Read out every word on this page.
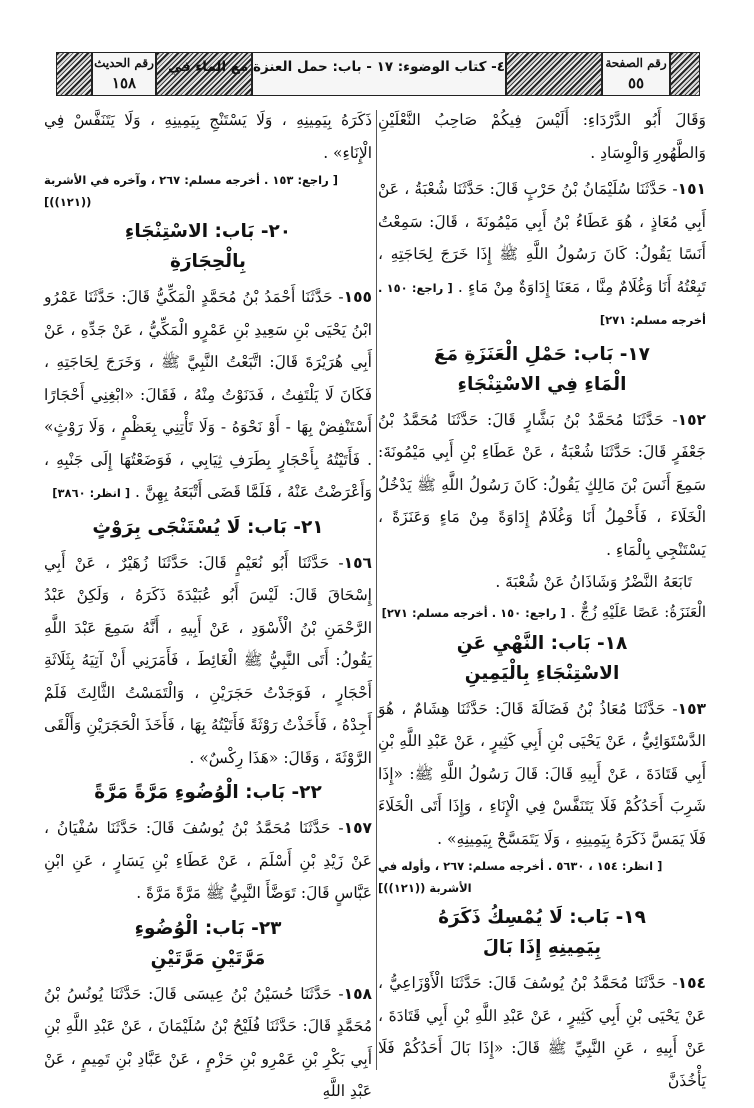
رقم الحديث
١٥٨
٤- كتاب الوضوء: ١٧ - باب: حمل العنزة مع الماء في	رقم الصفحة
٥٥

وَقَالَ أَبُو الدَّرْدَاءِ: أَلَيْسَ فِيكُمْ صَاحِبُ النَّعْلَيْنِ وَالطَّهُورِ وَالْوِسَادِ .

١٥١- حَدَّثَنَا سُلَيْمَانُ بْنُ حَرْبٍ قَالَ: حَدَّثَنَا شُعْبَةُ ، عَنْ أَبِي مُعَاذٍ ، هُوَ عَطَاءُ بْنُ أَبِي مَيْمُونَةَ ، قَالَ: سَمِعْتُ أَنَسًا يَقُولُ: كَانَ رَسُولُ اللَّهِ ﷺ إِذَا خَرَجَ لِحَاجَتِهِ ، تَبِعْتُهُ أَنَا وَغُلَامٌ مِنَّا ، مَعَنَا إِدَاوَةٌ مِنْ مَاءٍ . [ راجع: ١٥٠ . أخرجه مسلم: ٢٧١]

١٧- بَاب: حَمْلِ الْعَنَزَةِ مَعَ
الْمَاءِ فِي الاسْتِنْجَاءِ

١٥٢- حَدَّثَنَا مُحَمَّدُ بْنُ بَشَّارٍ قَالَ: حَدَّثَنَا مُحَمَّدُ بْنُ جَعْفَرٍ قَالَ: حَدَّثَنَا شُعْبَةُ ، عَنْ عَطَاءِ بْنِ أَبِي مَيْمُونَةَ: سَمِعَ أَنَسَ بْنَ مَالِكٍ يَقُولُ: كَانَ رَسُولُ اللَّهِ ﷺ يَدْخُلُ الْخَلَاءَ ، فَأَحْمِلُ أَنَا وَغُلَامٌ إِدَاوَةً مِنْ مَاءٍ وَعَنَزَةً ، يَسْتَنْجِي بِالْمَاءِ .

تَابَعَهُ النَّضْرُ وَشَاذَانُ عَنْ شُعْبَةَ .

الْعَنَزَةُ: عَصًا عَلَيْهِ زُجٌّ . [ راجع: ١٥٠ . أخرجه مسلم: ٢٧١]

١٨- بَاب: النَّهْيِ عَنِ
الاسْتِنْجَاءِ بِالْيَمِينِ

١٥٣- حَدَّثَنَا مُعَاذُ بْنُ فَضَالَةَ قَالَ: حَدَّثَنَا هِشَامٌ ، هُوَ الدَّسْتَوَائِيُّ ، عَنْ يَحْيَى بْنِ أَبِي كَثِيرٍ ، عَنْ عَبْدِ اللَّهِ بْنِ أَبِي قَتَادَةَ ، عَنْ أَبِيهِ قَالَ: قَالَ رَسُولُ اللَّهِ ﷺ: «إِذَا شَرِبَ أَحَدُكُمْ فَلَا يَتَنَفَّسْ فِي الْإِنَاءِ ، وَإِذَا أَتَى الْخَلَاءَ فَلَا يَمَسَّ ذَكَرَهُ بِيَمِينِهِ ، وَلَا يَتَمَسَّحْ بِيَمِينِهِ» .

[ انظر: ١٥٤ ، ٥٦٣٠ . أخرجه مسلم: ٢٦٧ ، وأوله في الأشربة ((١٢١))]

١٩- بَاب: لَا يُمْسِكُ ذَكَرَهُ
بِيَمِينِهِ إِذَا بَالَ

١٥٤- حَدَّثَنَا مُحَمَّدُ بْنُ يُوسُفَ قَالَ: حَدَّثَنَا الْأَوْزَاعِيُّ ، عَنْ يَحْيَى بْنِ أَبِي كَثِيرٍ ، عَنْ عَبْدِ اللَّهِ بْنِ أَبِي قَتَادَةَ ، عَنْ أَبِيهِ ، عَنِ النَّبِيِّ ﷺ قَالَ: «إِذَا بَالَ أَحَدُكُمْ فَلَا يَأْخُذَنَّ

ذَكَرَهُ بِيَمِينِهِ ، وَلَا يَسْتَنْجِ بِيَمِينِهِ ، وَلَا يَتَنَفَّسْ فِي الْإِنَاءِ» .

[ راجع: ١٥٣ . أخرجه مسلم: ٢٦٧ ، وآخره في الأشربة ((١٢١))]

٢٠- بَاب: الاسْتِنْجَاءِ
بِالْحِجَارَةِ

١٥٥- حَدَّثَنَا أَحْمَدُ بْنُ مُحَمَّدٍ الْمَكِّيُّ قَالَ: حَدَّثَنَا عَمْرُو ابْنُ يَحْيَى بْنِ سَعِيدِ بْنِ عَمْرٍو الْمَكِّيُّ ، عَنْ جَدِّهِ ، عَنْ أَبِي هُرَيْرَةَ قَالَ: اتَّبَعْتُ النَّبِيَّ ﷺ ، وَخَرَجَ لِحَاجَتِهِ ، فَكَانَ لَا يَلْتَفِتُ ، فَدَنَوْتُ مِنْهُ ، فَقَالَ: «ابْغِنِي أَحْجَارًا أَسْتَنْفِضْ بِهَا - أَوْ نَحْوَهُ - وَلَا تَأْتِنِي بِعَظْمٍ ، وَلَا رَوْثٍ» . فَأَتَيْتُهُ بِأَحْجَارٍ بِطَرَفِ ثِيَابِي ، فَوَضَعْتُهَا إِلَى جَنْبِهِ ، وَأَعْرَضْتُ عَنْهُ ، فَلَمَّا قَضَى أَتْبَعَهُ بِهِنَّ . [ انظر: ٣٨٦٠]

٢١- بَاب: لَا يُسْتَنْجَى بِرَوْثٍ

١٥٦- حَدَّثَنَا أَبُو نُعَيْمٍ قَالَ: حَدَّثَنَا زُهَيْرٌ ، عَنْ أَبِي إِسْحَاقَ قَالَ: لَيْسَ أَبُو عُبَيْدَةَ ذَكَرَهُ ، وَلَكِنْ عَبْدُ الرَّحْمَنِ بْنُ الْأَسْوَدِ ، عَنْ أَبِيهِ ، أَنَّهُ سَمِعَ عَبْدَ اللَّهِ يَقُولُ: أَتَى النَّبِيُّ ﷺ الْغَائِطَ ، فَأَمَرَنِي أَنْ آتِيَهُ بِثَلَاثَةِ أَحْجَارٍ ، فَوَجَدْتُ حَجَرَيْنِ ، وَالْتَمَسْتُ الثَّالِثَ فَلَمْ أَجِدْهُ ، فَأَخَذْتُ رَوْثَةً فَأَتَيْتُهُ بِهَا ، فَأَخَذَ الْحَجَرَيْنِ وَأَلْقَى الرَّوْثَةَ ، وَقَالَ: «هَذَا رِكْسٌ» .

٢٢- بَاب: الْوُضُوءِ مَرَّةً مَرَّةً

١٥٧- حَدَّثَنَا مُحَمَّدُ بْنُ يُوسُفَ قَالَ: حَدَّثَنَا سُفْيَانُ ، عَنْ زَيْدِ بْنِ أَسْلَمَ ، عَنْ عَطَاءِ بْنِ يَسَارٍ ، عَنِ ابْنِ عَبَّاسٍ قَالَ: تَوَضَّأَ النَّبِيُّ ﷺ مَرَّةً مَرَّةً .

٢٣- بَاب: الْوُضُوءِ
مَرَّتَيْنِ مَرَّتَيْنِ

١٥٨- حَدَّثَنَا حُسَيْنُ بْنُ عِيسَى قَالَ: حَدَّثَنَا يُونُسُ بْنُ مُحَمَّدٍ قَالَ: حَدَّثَنَا فُلَيْحُ بْنُ سُلَيْمَانَ ، عَنْ عَبْدِ اللَّهِ بْنِ أَبِي بَكْرِ بْنِ عَمْرِو بْنِ حَزْمٍ ، عَنْ عَبَّادِ بْنِ تَمِيمٍ ، عَنْ عَبْدِ اللَّهِ
